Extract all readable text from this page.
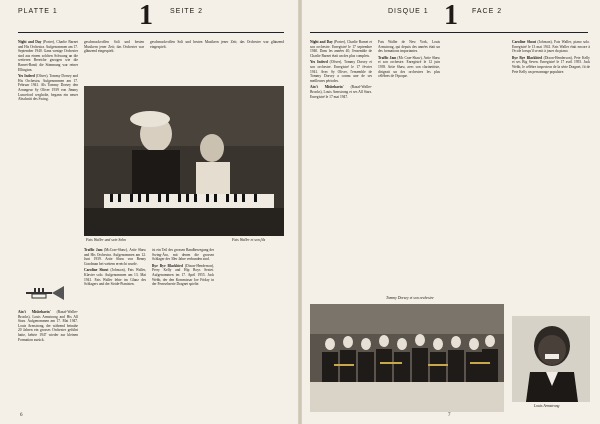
PLATTE 1	1 SEITE 2

Night and Day (Porter), Charlie Barnet and His Orchestra. Aufgenommen am 17. September 1940. Ganz wenige Orchester sind aus einem solchen Schwung an die weiteren Bereiche gezogen wie die Barnet-Band; die Stimmung war reiner Ellington.

Yes Indeed (Oliver), Tommy Dorsey and His Orchestra. Aufgenommen am 17. Februar 1941. Als Tommy Dorsey den Arrangeur Sy Oliver 1939 von Jimmy Lunceford wegholte, begann ein neuer Abschnitt des Swing.

Ain't Misbehavin' (Razaf-Waller-Brooks), Louis Armstrong and His All Stars. Aufgenommen am 17. Mai 1947. Louis Armstrong, der während beinahe 20 Jahren ein grosses Orchester geführt hatte, kehrte 1947 wieder zur kleinen Formation zurück.

geschmackvollen Soli und besten Musikern jener Zeit; das Orchester war glänzend eingespielt.

Fats Waller und sein Sohn	Fats Waller et son fils

Traffic Jam (McCrae-Shaw), Artie Shaw and His Orchestra. Aufgenommen am 12. Juni 1939. Artie Shaw von Benny Goodman bei weitem erreicht wurde.

Caroline Shout (Johnson), Fats Waller, Klavier solo. Aufgenommen am 13. Mai 1941. Fats Waller lebte im Glanz des Schlagers und der Stride-Pianisten.

ist ein Teil des grossen Bandbewegung der Swing-Ära, mit denen die grossen Schlager der 30er Jahre verbunden sind.

Bye Bye Blackbird (Dixon-Henderson), Perry Kelly and Hip Boys Sextet. Aufgenommen im 17. April 1955. Jack Webb, der den Kommissar Joe Friday in der Fernsehserie Dragnet spielte.

geschmackvollen Soli und besten Musikern jener Zeit; das Orchester war glänzend eingespielt.

6
DISQUE 1 1 FACE 2

Night and Day (Porter), Charlie Barnet et son orchestre. Enregistré le 17 septembre 1940. Dans les années 40, l'ensemble de Charlie Barnet était un des plus complets.

Yes Indeed (Oliver), Tommy Dorsey et son orchestre. Enregistré le 17 février 1941. Avec Sy Oliver, l'ensemble de Tommy Dorsey a connu une de ses meilleures périodes.

Ain't Misbehavin' (Razaf-Waller-Brooks), Louis Armstrong et ses All Stars. Enregistré le 17 mai 1947.

Fats Waller de New York, Louis Armstrong, qui depuis des années était un des formations importantes.

Traffic Jam (Mc Crae-Shaw), Artie Shaw et son orchestre. Enregistré le 12 juin 1939. Artie Shaw, avec son clarinettiste, dirigeait un des orchestres les plus célèbres de l'époque.

Caroline Shout (Johnson), Fats Waller, piano solo. Enregistré le 13 mai 1941. Fats Waller était encore à l'école lorsqu'il se mit à jouer du piano.

Bye Bye Blackbird (Dixon-Henderson), Pete Kelly et ses Big Seven. Enregistré le 17 avril 1955. Jack Webb, le célèbre inspecteur de la série Dragnet, fit de Pete Kelly un personnage populaire.

Tommy Dorsey et son orchestre
Louis Armstrong
7
